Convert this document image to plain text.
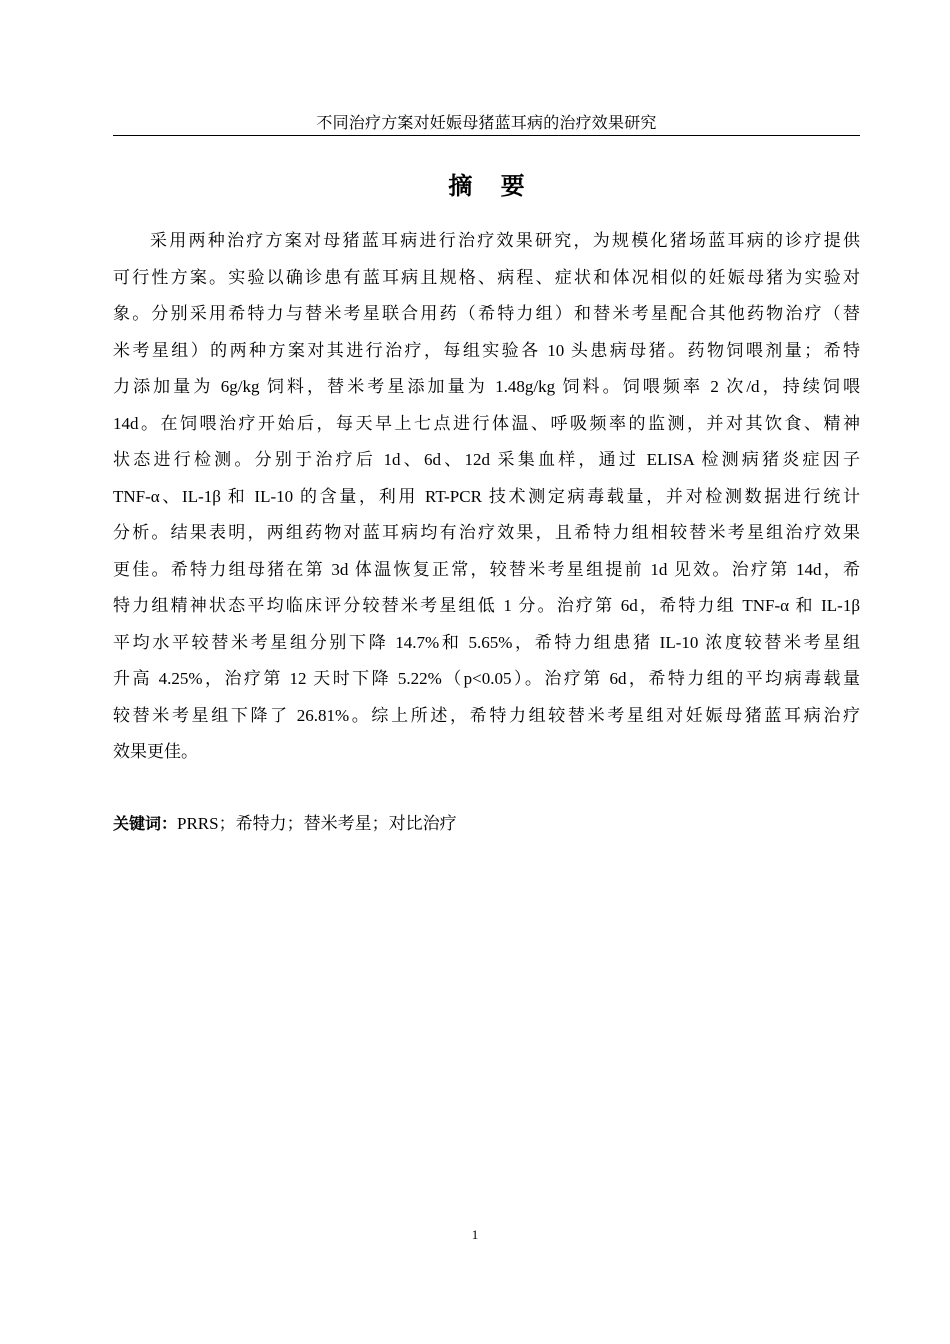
不同治疗方案对妊娠母猪蓝耳病的治疗效果研究
摘 要
采用两种治疗方案对母猪蓝耳病进行治疗效果研究，为规模化猪场蓝耳病的诊疗提供
可行性方案。实验以确诊患有蓝耳病且规格、病程、症状和体况相似的妊娠母猪为实验对
象。分别采用希特力与替米考星联合用药（希特力组）和替米考星配合其他药物治疗（替
米考星组）的两种方案对其进行治疗，每组实验各 10 头患病母猪。药物饲喂剂量；希特
力添加量为 6g/kg 饲料，替米考星添加量为 1.48g/kg 饲料。饲喂频率 2 次/d，持续饲喂
14d。在饲喂治疗开始后，每天早上七点进行体温、呼吸频率的监测，并对其饮食、精神
状态进行检测。分别于治疗后 1d、6d、12d 采集血样，通过 ELISA 检测病猪炎症因子
TNF-α、IL-1β 和 IL-10 的含量，利用 RT-PCR 技术测定病毒载量，并对检测数据进行统计
分析。结果表明，两组药物对蓝耳病均有治疗效果，且希特力组相较替米考星组治疗效果
更佳。希特力组母猪在第 3d 体温恢复正常，较替米考星组提前 1d 见效。治疗第 14d，希
特力组精神状态平均临床评分较替米考星组低 1 分。治疗第 6d，希特力组 TNF-α 和 IL-1β
平均水平较替米考星组分别下降 14.7%和 5.65%，希特力组患猪 IL-10 浓度较替米考星组
升高 4.25%，治疗第 12 天时下降 5.22%（p<0.05）。治疗第 6d，希特力组的平均病毒载量
较替米考星组下降了 26.81%。综上所述，希特力组较替米考星组对妊娠母猪蓝耳病治疗
效果更佳。
关键词：PRRS；希特力；替米考星；对比治疗
1
